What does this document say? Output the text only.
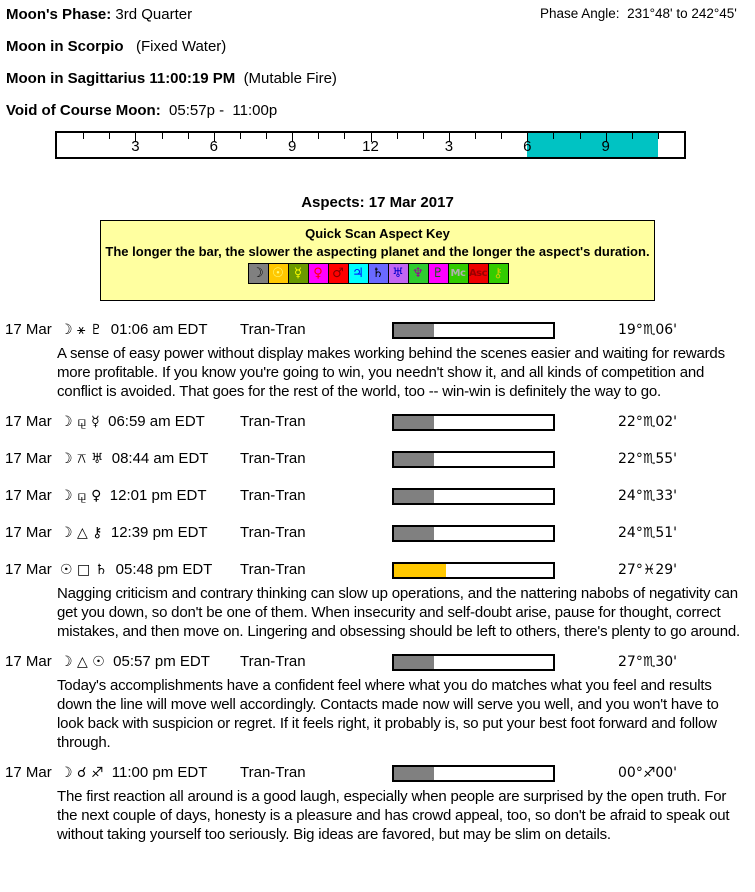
Moon's Phase: 3rd Quarter	Phase Angle:  231°48' to 242°45'
Moon in Scorpio (Fixed Water)
Moon in Sagittarius 11:00:19 PM (Mutable Fire)
Void of Course Moon: 05:57p -  11:00p
3	6	9	12	3	6	9
Aspects: 17 Mar 2017
Quick Scan Aspect Key
The longer the bar, the slower the aspecting planet and the longer the aspect's duration.
☽ ☉ ☿ ♀ ♂ ♃ ♄ ♅ ♆ ♇ Mc Asc ⚷
17 Mar  ☽ ⚹ ♇  01:06 am EDT Tran-Tran	19°♏06'
A sense of easy power without display makes working behind the scenes easier and waiting for rewards more profitable. If you know you're going to win, you needn't show it, and all kinds of competition and conflict is avoided. That goes for the rest of the world, too -- win-win is definitely the way to go.
17 Mar  ☽ ⚼ ☿  06:59 am EDT Tran-Tran	22°♏02'
17 Mar  ☽ ⚻ ♅  08:44 am EDT Tran-Tran	22°♏55'
17 Mar  ☽ ⚼ ♀  12:01 pm EDT Tran-Tran	24°♏33'
17 Mar  ☽ △ ⚷  12:39 pm EDT Tran-Tran	24°♏51'
17 Mar  ☉ □ ♄  05:48 pm EDT Tran-Tran	27°♓29'
Nagging criticism and contrary thinking can slow up operations, and the nattering nabobs of negativity can get you down, so don't be one of them. When insecurity and self-doubt arise, pause for thought, correct mistakes, and then move on. Lingering and obsessing should be left to others, there's plenty to go around.
17 Mar  ☽ △ ☉  05:57 pm EDT Tran-Tran	27°♏30'
Today's accomplishments have a confident feel where what you do matches what you feel and results down the line will move well accordingly. Contacts made now will serve you well, and you won't have to look back with suspicion or regret. If it feels right, it probably is, so put your best foot forward and follow through.
17 Mar  ☽ ☌ ♐  11:00 pm EDT Tran-Tran	00°♐00'
The first reaction all around is a good laugh, especially when people are surprised by the open truth. For the next couple of days, honesty is a pleasure and has crowd appeal, too, so don't be afraid to speak out without taking yourself too seriously. Big ideas are favored, but may be slim on details.
